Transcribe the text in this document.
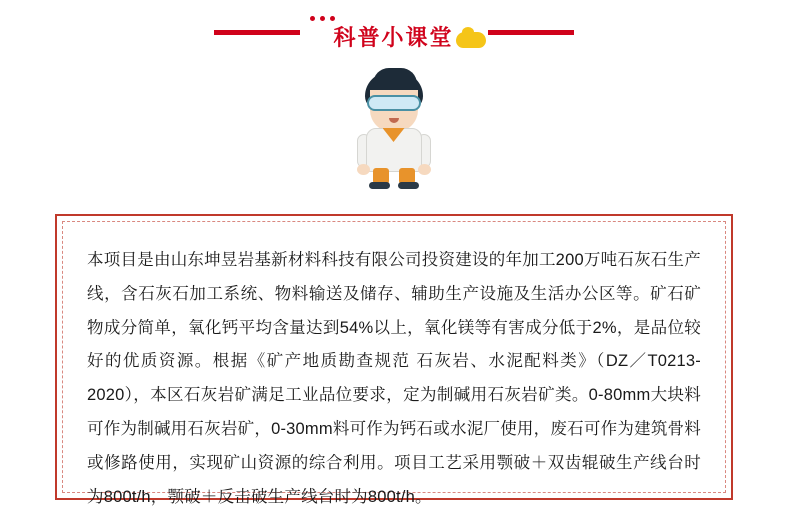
科普小课堂

本项目是由山东坤昱岩基新材料科技有限公司投资建设的年加工200万吨石灰石生产线，含石灰石加工系统、物料输送及储存、辅助生产设施及生活办公区等。矿石矿物成分简单，氧化钙平均含量达到54%以上，氧化镁等有害成分低于2%，是品位较好的优质资源。根据《矿产地质勘查规范 石灰岩、水泥配料类》（DZ／T0213-2020），本区石灰岩矿满足工业品位要求，定为制碱用石灰岩矿类。0-80mm大块料可作为制碱用石灰岩矿，0-30mm料可作为钙石或水泥厂使用，废石可作为建筑骨料或修路使用，实现矿山资源的综合利用。项目工艺采用颚破＋双齿辊破生产线台时为800t/h，颚破＋反击破生产线台时为800t/h。
